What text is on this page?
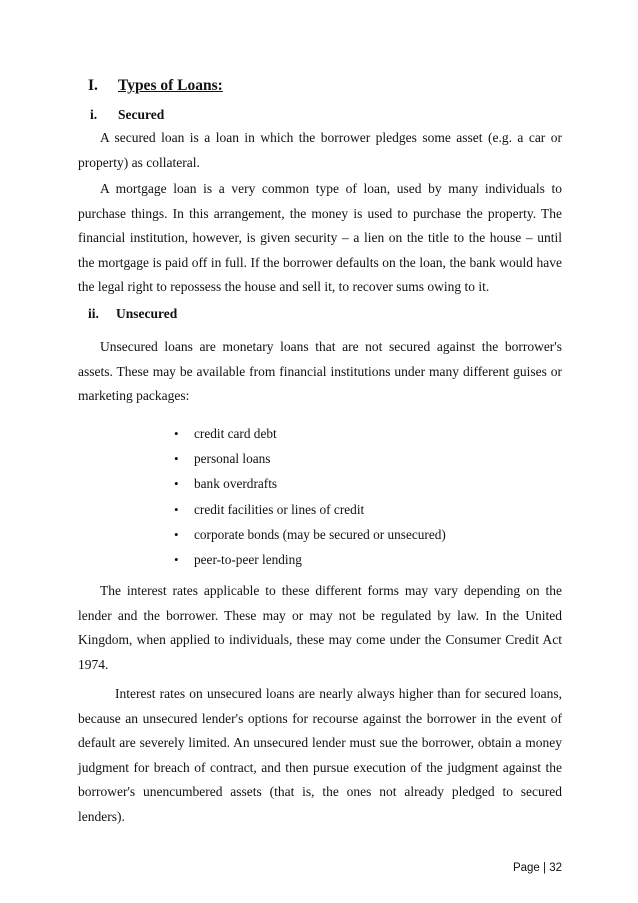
I. Types of Loans:
i. Secured

A secured loan is a loan in which the borrower pledges some asset (e.g. a car or property) as collateral.

A mortgage loan is a very common type of loan, used by many individuals to purchase things. In this arrangement, the money is used to purchase the property. The financial institution, however, is given security – a lien on the title to the house – until the mortgage is paid off in full. If the borrower defaults on the loan, the bank would have the legal right to repossess the house and sell it, to recover sums owing to it.

ii. Unsecured

Unsecured loans are monetary loans that are not secured against the borrower's assets. These may be available from financial institutions under many different guises or marketing packages:

• credit card debt
• personal loans
• bank overdrafts
• credit facilities or lines of credit
• corporate bonds (may be secured or unsecured)
• peer-to-peer lending

The interest rates applicable to these different forms may vary depending on the lender and the borrower. These may or may not be regulated by law. In the United Kingdom, when applied to individuals, these may come under the Consumer Credit Act 1974.

Interest rates on unsecured loans are nearly always higher than for secured loans, because an unsecured lender's options for recourse against the borrower in the event of default are severely limited. An unsecured lender must sue the borrower, obtain a money judgment for breach of contract, and then pursue execution of the judgment against the borrower's unencumbered assets (that is, the ones not already pledged to secured lenders).

Page | 32
